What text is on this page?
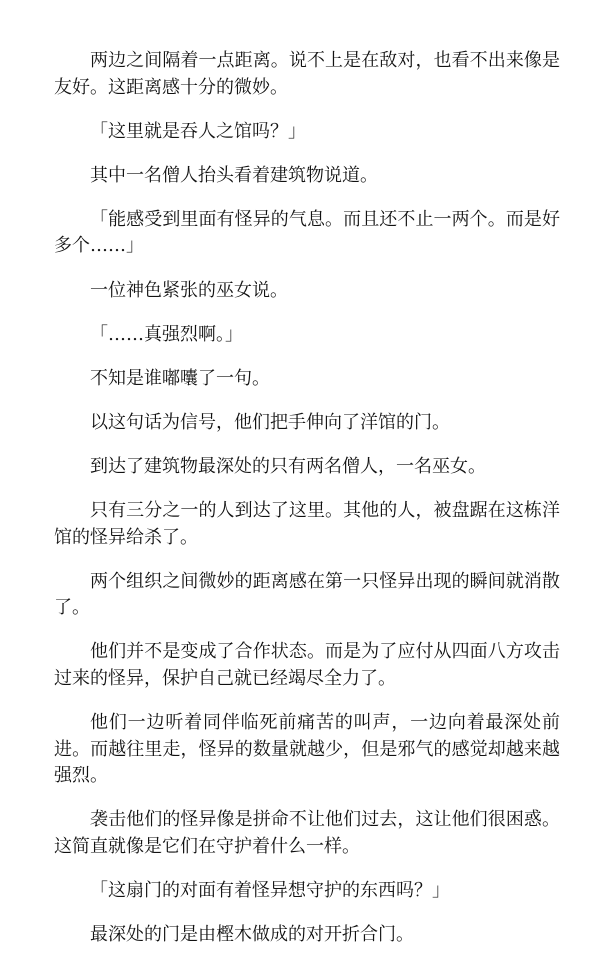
两边之间隔着一点距离。说不上是在敌对，也看不出来像是友好。这距离感十分的微妙。

「这里就是吞人之馆吗？」

其中一名僧人抬头看着建筑物说道。

「能感受到里面有怪异的气息。而且还不止一两个。而是好多个……」

一位神色紧张的巫女说。

「……真强烈啊。」

不知是谁嘟囔了一句。

以这句话为信号，他们把手伸向了洋馆的门。

到达了建筑物最深处的只有两名僧人，一名巫女。

只有三分之一的人到达了这里。其他的人，被盘踞在这栋洋馆的怪异给杀了。

两个组织之间微妙的距离感在第一只怪异出现的瞬间就消散了。

他们并不是变成了合作状态。而是为了应付从四面八方攻击过来的怪异，保护自己就已经竭尽全力了。

他们一边听着同伴临死前痛苦的叫声，一边向着最深处前进。而越往里走，怪异的数量就越少，但是邪气的感觉却越来越强烈。

袭击他们的怪异像是拼命不让他们过去，这让他们很困惑。这简直就像是它们在守护着什么一样。

「这扇门的对面有着怪异想守护的东西吗？」

最深处的门是由樫木做成的对开折合门。
